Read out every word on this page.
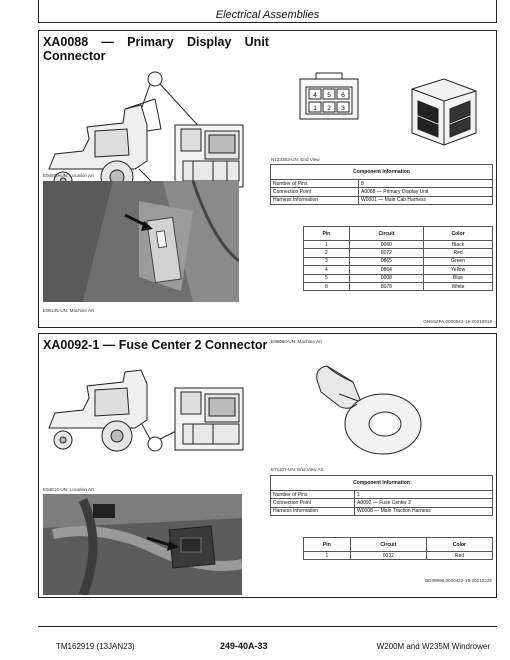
Electrical Assemblies
XA0088 — Primary Display Unit
Connector
E94800-UN: Location Art
E96145-UN: Machine Art
4 5 6
1 2 3
N123383-UN: End View
Component Information	
Number of Pins	8
Connection Point	A0088 — Primary Display Unit
Harness Information	W0001 — Main Cab Harness
Pin	Circuit	Color
1	0060	Black
2	8072	Red
3	0865	Green
4	0864	Yellow
5	0008	Blue
8	8078	White
GN5SZFA,0000542-19-20210818
XA0092-1 — Fuse Center 2 Connector
E94814-UN: Location Art
E95066-UN: Machine Art
E71107-UN: End View Art
Component Information	
Number of Pins	1
Connection Point	A0092 — Fuse Center 2
Harness Information	W0008 — Main Traction Harness
Pin	Circuit	Color
1	0032	Red
BD39998,0000422-19-20210225
TM162919 (13JAN23)	249-40A-33	W200M and W235M Windrower
